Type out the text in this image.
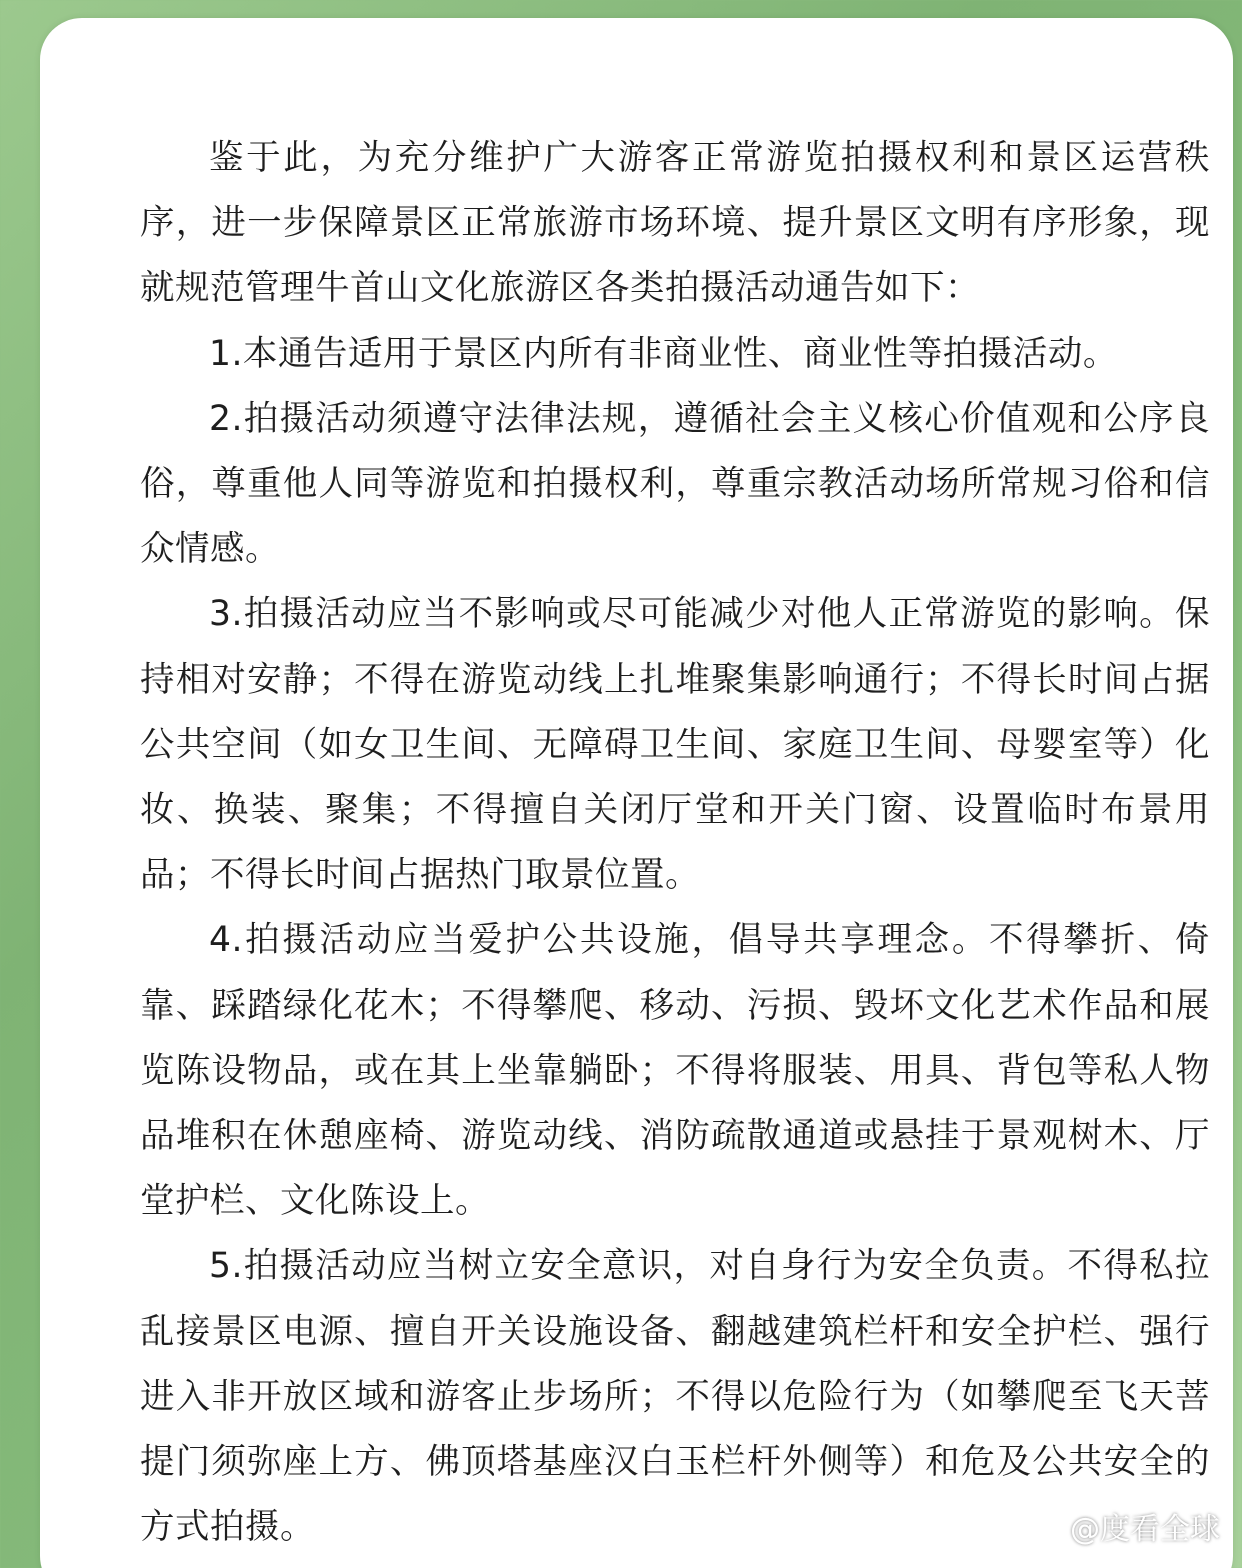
鉴于此，为充分维护广大游客正常游览拍摄权利和景区运营秩序，进一步保障景区正常旅游市场环境、提升景区文明有序形象，现就规范管理牛首山文化旅游区各类拍摄活动通告如下：

1.本通告适用于景区内所有非商业性、商业性等拍摄活动。

2.拍摄活动须遵守法律法规，遵循社会主义核心价值观和公序良俗，尊重他人同等游览和拍摄权利，尊重宗教活动场所常规习俗和信众情感。

3.拍摄活动应当不影响或尽可能减少对他人正常游览的影响。保持相对安静；不得在游览动线上扎堆聚集影响通行；不得长时间占据公共空间（如女卫生间、无障碍卫生间、家庭卫生间、母婴室等）化妆、换装、聚集；不得擅自关闭厅堂和开关门窗、设置临时布景用品；不得长时间占据热门取景位置。

4.拍摄活动应当爱护公共设施，倡导共享理念。不得攀折、倚靠、踩踏绿化花木；不得攀爬、移动、污损、毁坏文化艺术作品和展览陈设物品，或在其上坐靠躺卧；不得将服装、用具、背包等私人物品堆积在休憩座椅、游览动线、消防疏散通道或悬挂于景观树木、厅堂护栏、文化陈设上。

5.拍摄活动应当树立安全意识，对自身行为安全负责。不得私拉乱接景区电源、擅自开关设施设备、翻越建筑栏杆和安全护栏、强行进入非开放区域和游客止步场所；不得以危险行为（如攀爬至飞天菩提门须弥座上方、佛顶塔基座汉白玉栏杆外侧等）和危及公共安全的方式拍摄。	@度看全球
